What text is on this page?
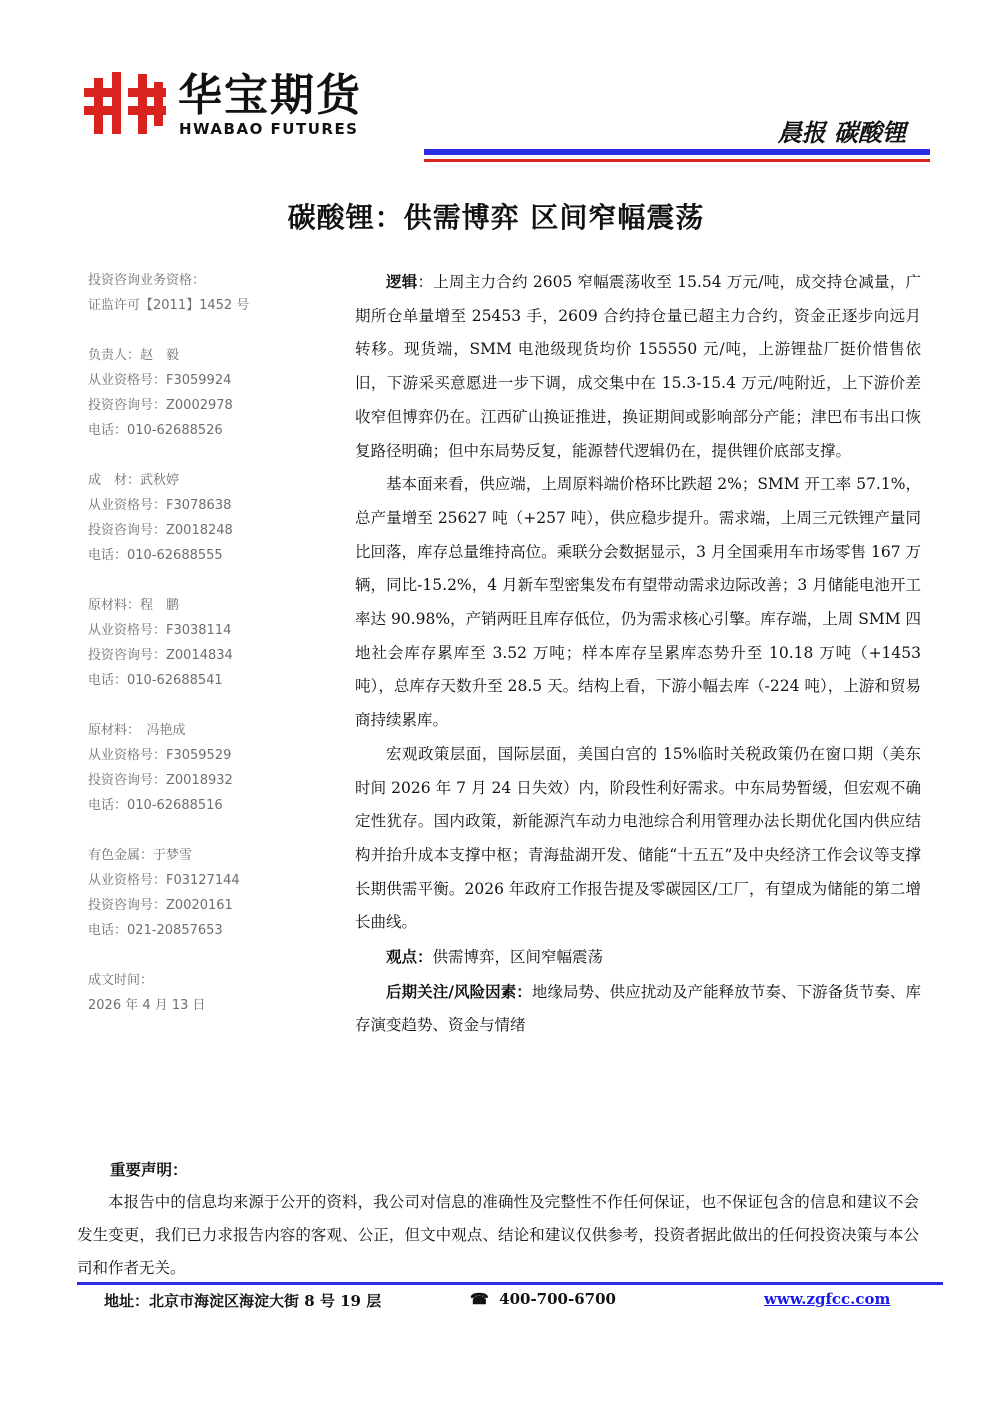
华宝期货
HWABAO FUTURES	晨报 碳酸锂
碳酸锂：供需博弈 区间窄幅震荡
投资咨询业务资格：
证监许可【2011】1452 号
负责人：赵　毅
从业资格号：F3059924
投资咨询号：Z0002978
电话：010-62688526
成　材：武秋婷
从业资格号：F3078638
投资咨询号：Z0018248
电话：010-62688555
原材料：程　鹏
从业资格号：F3038114
投资咨询号：Z0014834
电话：010-62688541
原材料：　冯艳成
从业资格号：F3059529
投资咨询号：Z0018932
电话：010-62688516
有色金属：于梦雪
从业资格号：F03127144
投资咨询号：Z0020161
电话：021-20857653
成文时间：
2026 年 4 月 13 日

逻辑：上周主力合约 2605 窄幅震荡收至 15.54 万元/吨，成交持仓减量，广期所仓单量增至 25453 手，2609 合约持仓量已超主力合约，资金正逐步向远月转移。现货端，SMM 电池级现货均价 155550 元/吨，上游锂盐厂挺价惜售依旧，下游采买意愿进一步下调，成交集中在 15.3-15.4 万元/吨附近，上下游价差收窄但博弈仍在。江西矿山换证推进，换证期间或影响部分产能；津巴布韦出口恢复路径明确；但中东局势反复，能源替代逻辑仍在，提供锂价底部支撑。

基本面来看，供应端，上周原料端价格环比跌超 2%；SMM 开工率 57.1%，总产量增至 25627 吨（+257 吨），供应稳步提升。需求端，上周三元铁锂产量同比回落，库存总量维持高位。乘联分会数据显示，3 月全国乘用车市场零售 167 万辆，同比-15.2%，4 月新车型密集发布有望带动需求边际改善；3 月储能电池开工率达 90.98%，产销两旺且库存低位，仍为需求核心引擎。库存端，上周 SMM 四地社会库存累库至 3.52 万吨；样本库存呈累库态势升至 10.18 万吨（+1453 吨），总库存天数升至 28.5 天。结构上看，下游小幅去库（-224 吨），上游和贸易商持续累库。

宏观政策层面，国际层面，美国白宫的 15%临时关税政策仍在窗口期（美东时间 2026 年 7 月 24 日失效）内，阶段性利好需求。中东局势暂缓，但宏观不确定性犹存。国内政策，新能源汽车动力电池综合利用管理办法长期优化国内供应结构并抬升成本支撑中枢；青海盐湖开发、储能“十五五”及中央经济工作会议等支撑长期供需平衡。2026 年政府工作报告提及零碳园区/工厂，有望成为储能的第二增长曲线。

观点：供需博弈，区间窄幅震荡

后期关注/风险因素：地缘局势、供应扰动及产能释放节奏、下游备货节奏、库存演变趋势、资金与情绪

重要声明：

本报告中的信息均来源于公开的资料，我公司对信息的准确性及完整性不作任何保证，也不保证包含的信息和建议不会发生变更，我们已力求报告内容的客观、公正，但文中观点、结论和建议仅供参考，投资者据此做出的任何投资决策与本公司和作者无关。

地址：北京市海淀区海淀大街 8 号 19 层	☎ 400-700-6700	www.zgfcc.com
